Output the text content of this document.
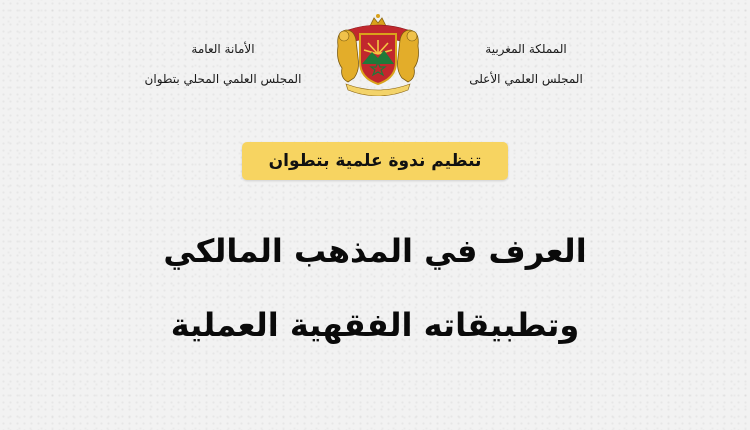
المملكة المغربية
المجلس العلمي الأعلى
الأمانة العامة
المجلس العلمي المحلي بتطوان
تنظيم ندوة علمية بتطوان
العرف في المذهب المالكي
وتطبيقاته الفقهية العملية
